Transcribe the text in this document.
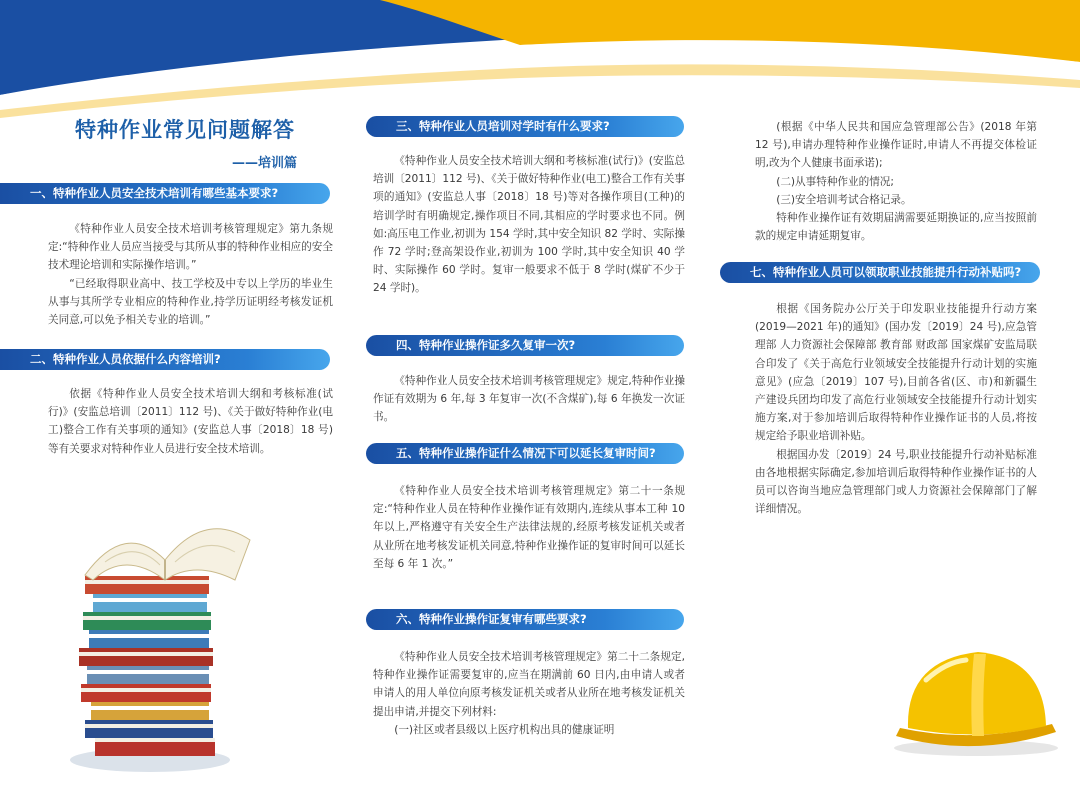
特种作业常见问题解答
——培训篇
一、特种作业人员安全技术培训有哪些基本要求?

《特种作业人员安全技术培训考核管理规定》第九条规定:“特种作业人员应当接受与其所从事的特种作业相应的安全技术理论培训和实际操作培训。”

“已经取得职业高中、技工学校及中专以上学历的毕业生从事与其所学专业相应的特种作业,持学历证明经考核发证机关同意,可以免予相关专业的培训。”

二、特种作业人员依据什么内容培训?

依据《特种作业人员安全技术培训大纲和考核标准(试行)》(安监总培训〔2011〕112 号)、《关于做好特种作业(电工)整合工作有关事项的通知》(安监总人事〔2018〕18 号)等有关要求对特种作业人员进行安全技术培训。

三、特种作业人员培训对学时有什么要求?

《特种作业人员安全技术培训大纲和考核标准(试行)》(安监总培训〔2011〕112 号)、《关于做好特种作业(电工)整合工作有关事项的通知》(安监总人事〔2018〕18 号)等对各操作项目(工种)的培训学时有明确规定,操作项目不同,其相应的学时要求也不同。例如:高压电工作业,初训为 154 学时,其中安全知识 82 学时、实际操作 72 学时;登高架设作业,初训为 100 学时,其中安全知识 40 学时、实际操作 60 学时。复审一般要求不低于 8 学时(煤矿不少于 24 学时)。

四、特种作业操作证多久复审一次?

《特种作业人员安全技术培训考核管理规定》规定,特种作业操作证有效期为 6 年,每 3 年复审一次(不含煤矿),每 6 年换发一次证书。

五、特种作业操作证什么情况下可以延长复审时间?

《特种作业人员安全技术培训考核管理规定》第二十一条规定:“特种作业人员在特种作业操作证有效期内,连续从事本工种 10 年以上,严格遵守有关安全生产法律法规的,经原考核发证机关或者从业所在地考核发证机关同意,特种作业操作证的复审时间可以延长至每 6 年 1 次。”

六、特种作业操作证复审有哪些要求?

《特种作业人员安全技术培训考核管理规定》第二十二条规定,特种作业操作证需要复审的,应当在期满前 60 日内,由申请人或者申请人的用人单位向原考核发证机关或者从业所在地考核发证机关提出申请,并提交下列材料:

(一)社区或者县级以上医疗机构出具的健康证明

(根据《中华人民共和国应急管理部公告》(2018 年第 12 号),申请办理特种作业操作证时,申请人不再提交体检证明,改为个人健康书面承诺);

(二)从事特种作业的情况;

(三)安全培训考试合格记录。

特种作业操作证有效期届满需要延期换证的,应当按照前款的规定申请延期复审。

七、特种作业人员可以领取职业技能提升行动补贴吗?

根据《国务院办公厅关于印发职业技能提升行动方案(2019—2021 年)的通知》(国办发〔2019〕24 号),应急管理部 人力资源社会保障部 教育部 财政部 国家煤矿安监局联合印发了《关于高危行业领域安全技能提升行动计划的实施意见》(应急〔2019〕107 号),目前各省(区、市)和新疆生产建设兵团均印发了高危行业领域安全技能提升行动计划实施方案,对于参加培训后取得特种作业操作证书的人员,将按规定给予职业培训补贴。

根据国办发〔2019〕24 号,职业技能提升行动补贴标准由各地根据实际确定,参加培训后取得特种作业操作证书的人员可以咨询当地应急管理部门或人力资源社会保障部门了解详细情况。
